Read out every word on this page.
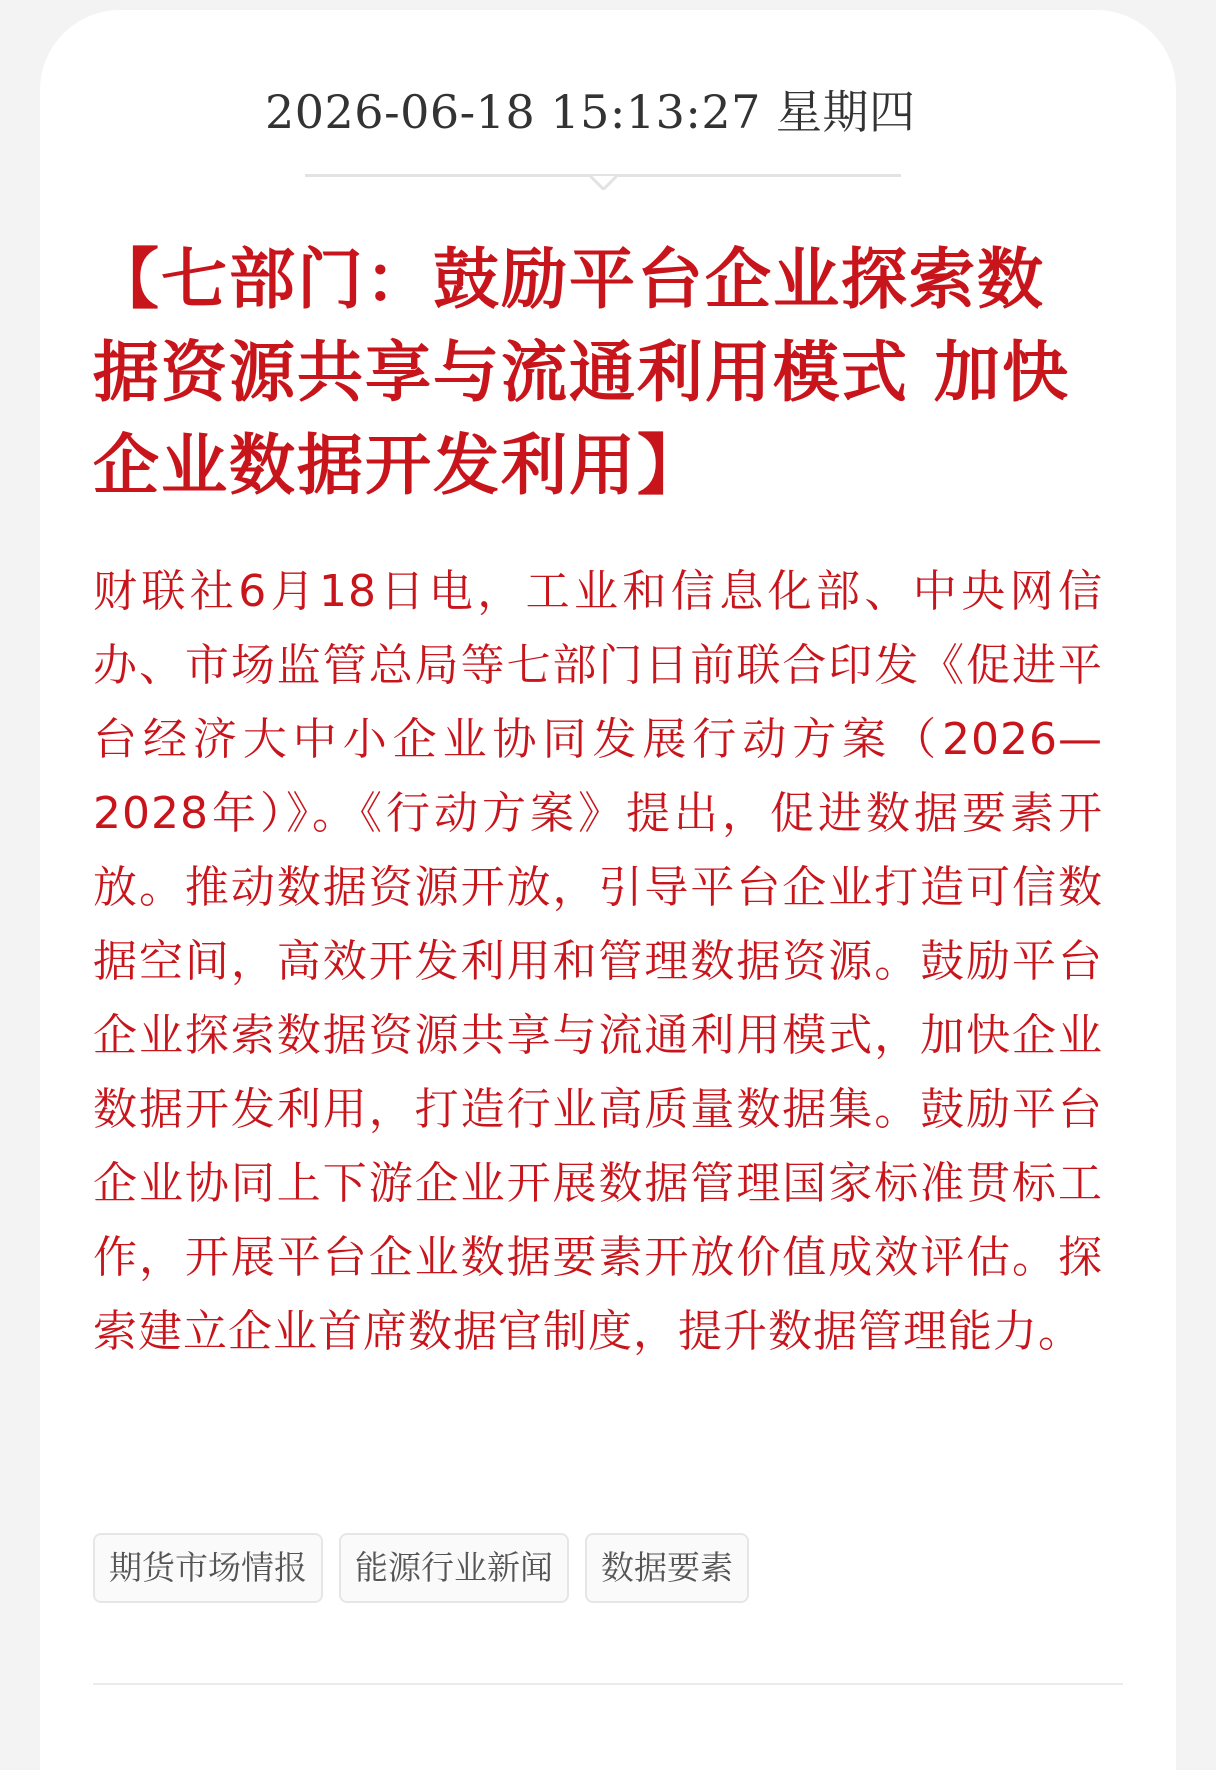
2026-06-18 15:13:27 星期四
【七部门：鼓励平台企业探索数据资源共享与流通利用模式 加快企业数据开发利用】

财联社6月18日电，工业和信息化部、中央网信办、市场监管总局等七部门日前联合印发《促进平台经济大中小企业协同发展行动方案（2026—2028年）》。《行动方案》提出，促进数据要素开放。推动数据资源开放，引导平台企业打造可信数据空间，高效开发利用和管理数据资源。鼓励平台企业探索数据资源共享与流通利用模式，加快企业数据开发利用，打造行业高质量数据集。鼓励平台企业协同上下游企业开展数据管理国家标准贯标工作，开展平台企业数据要素开放价值成效评估。探索建立企业首席数据官制度，提升数据管理能力。

期货市场情报	能源行业新闻	数据要素
